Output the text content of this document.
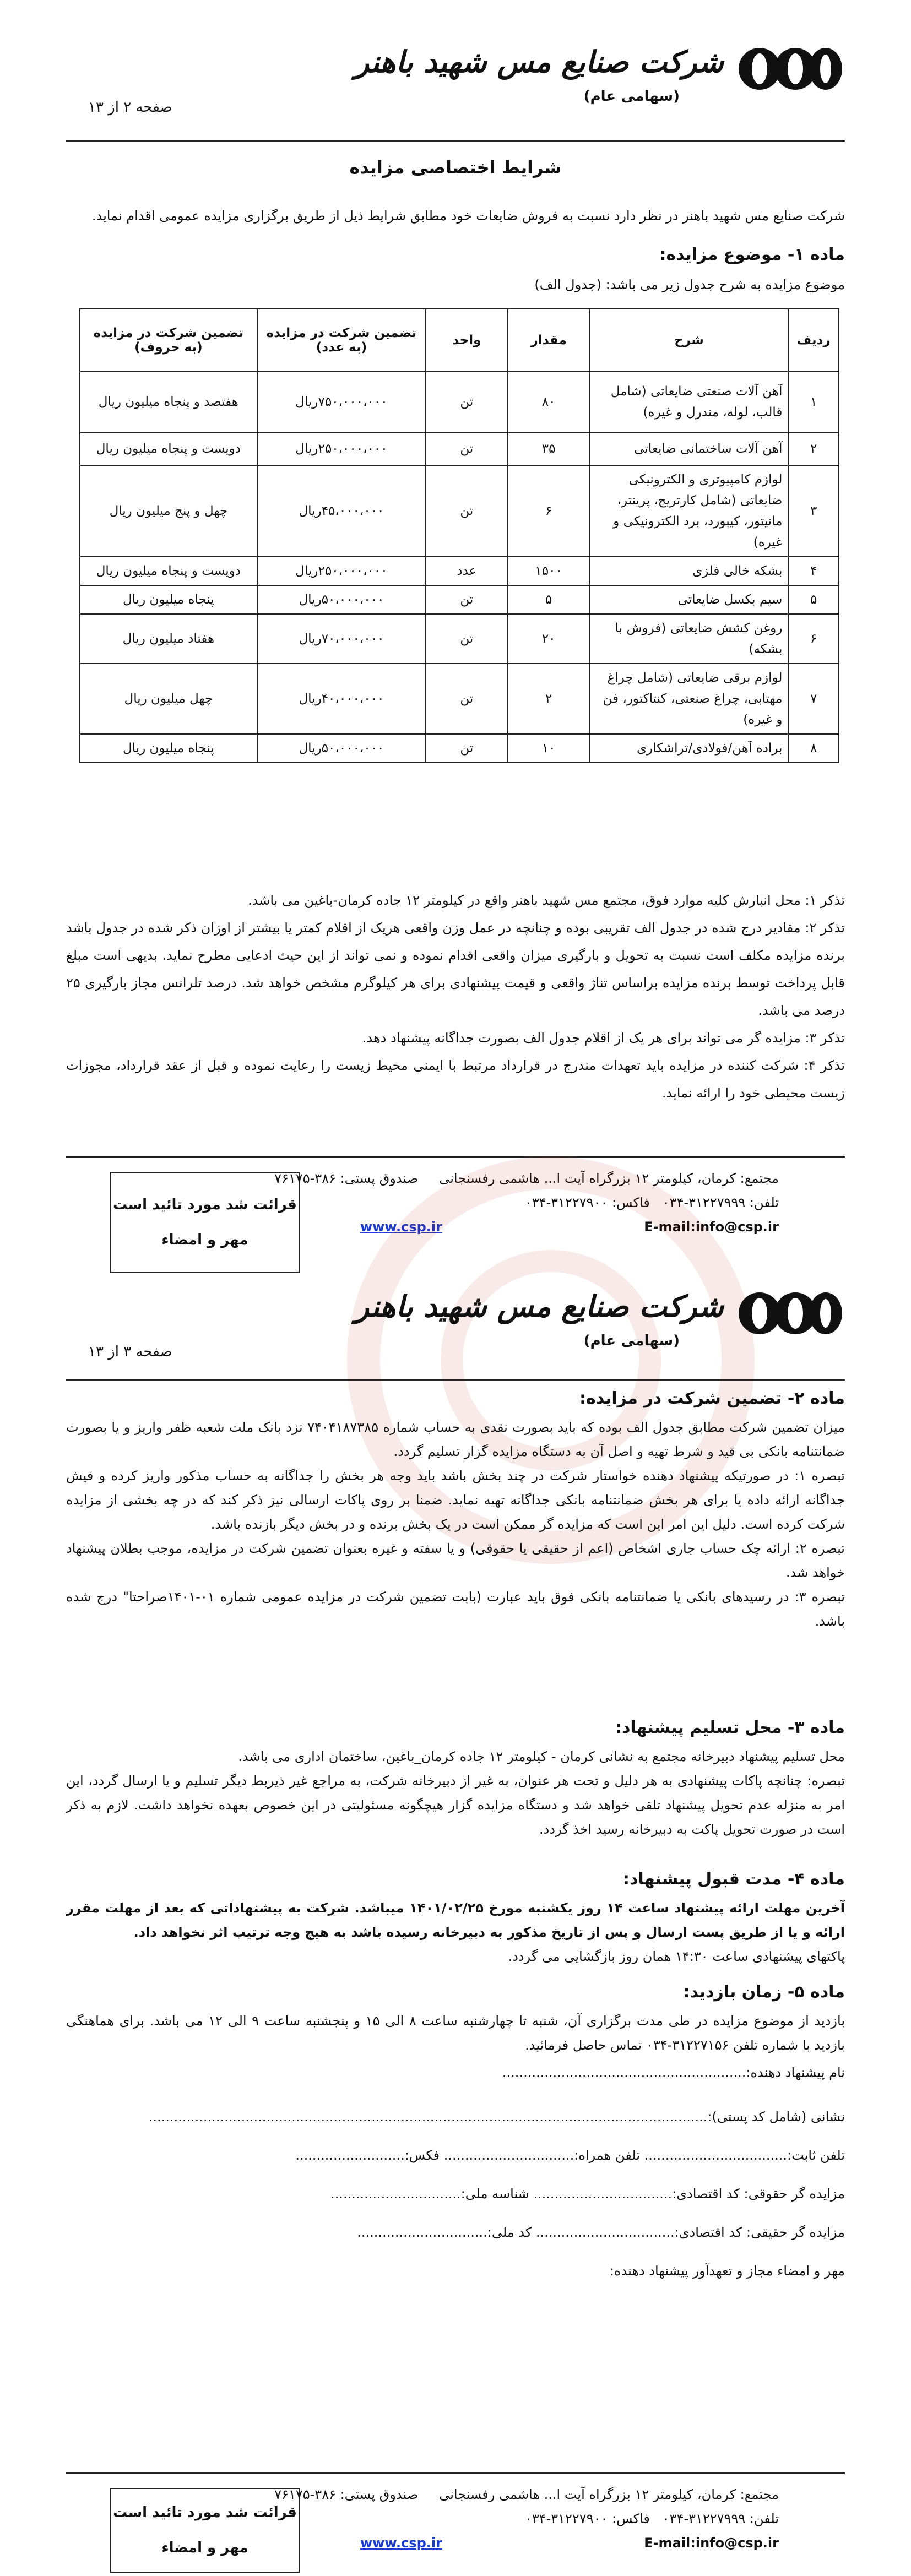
شرکت صنایع مس شهید باهنر
(سهامی عام)
صفحه ۲ از ۱۳
شرایط اختصاصی مزایده
شرکت صنایع مس شهید باهنر در نظر دارد نسبت به فروش ضایعات خود مطابق شرایط ذیل از طریق برگزاری مزایده عمومی اقدام نماید.
ماده ۱- موضوع مزایده:
موضوع مزایده به شرح جدول زیر می باشد: (جدول الف)
ردیف	شرح	مقدار	واحد	تضمین شرکت در مزایده (به عدد)	تضمین شرکت در مزایده (به حروف)
۱	آهن آلات صنعتی ضایعاتی (شامل قالب، لوله، مندرل و غیره)	۸۰	تن	۷۵۰،۰۰۰،۰۰۰ریال	هفتصد و پنجاه میلیون ریال
۲	آهن آلات ساختمانی ضایعاتی	۳۵	تن	۲۵۰،۰۰۰،۰۰۰ریال	دویست و پنجاه میلیون ریال
۳	لوازم کامپیوتری و الکترونیکی ضایعاتی (شامل کارتریج، پرینتر، مانیتور، کیبورد، برد الکترونیکی و غیره)	۶	تن	۴۵،۰۰۰،۰۰۰ریال	چهل و پنج میلیون ریال
۴	بشکه خالی فلزی	۱۵۰۰	عدد	۲۵۰،۰۰۰،۰۰۰ریال	دویست و پنجاه میلیون ریال
۵	سیم بکسل ضایعاتی	۵	تن	۵۰،۰۰۰،۰۰۰ریال	پنجاه میلیون ریال
۶	روغن کشش ضایعاتی (فروش با بشکه)	۲۰	تن	۷۰،۰۰۰،۰۰۰ریال	هفتاد میلیون ریال
۷	لوازم برقی ضایعاتی (شامل چراغ مهتابی، چراغ صنعتی، کنتاکتور، فن و غیره)	۲	تن	۴۰،۰۰۰،۰۰۰ریال	چهل میلیون ریال
۸	براده آهن/فولادی/تراشکاری	۱۰	تن	۵۰،۰۰۰،۰۰۰ریال	پنجاه میلیون ریال
تذکر ۱: محل انبارش کلیه موارد فوق، مجتمع مس شهید باهنر واقع در کیلومتر ۱۲ جاده کرمان-باغین می باشد.
تذکر ۲: مقادیر درج شده در جدول الف تقریبی بوده و چنانچه در عمل وزن واقعی هریک از اقلام کمتر یا بیشتر از اوزان ذکر شده در جدول باشد برنده مزایده مکلف است نسبت به تحویل و بارگیری میزان واقعی اقدام نموده و نمی تواند از این حیث ادعایی مطرح نماید. بدیهی است مبلغ قابل پرداخت توسط برنده مزایده براساس تناژ واقعی و قیمت پیشنهادی برای هر کیلوگرم مشخص خواهد شد. درصد تلرانس مجاز بارگیری ۲۵ درصد می باشد.
تذکر ۳: مزایده گر می تواند برای هر یک از اقلام جدول الف بصورت جداگانه پیشنهاد دهد.
تذکر ۴: شرکت کننده در مزایده باید تعهدات مندرج در قرارداد مرتبط با ایمنی محیط زیست را رعایت نموده و قبل از عقد قرارداد، مجوزات زیست محیطی خود را ارائه نماید.
قرائت شد مورد تائید است
مهر و امضاء
مجتمع: کرمان، کیلومتر ۱۲ بزرگراه آیت ا... هاشمی رفسنجانی     صندوق پستی: ۳۸۶-۷۶۱۷۵
تلفن: ۳۱۲۲۷۹۹۹-۰۳۴   فاکس: ۳۱۲۲۷۹۰۰-۰۳۴
E-mail:info@csp.ir
www.csp.ir
شرکت صنایع مس شهید باهنر
(سهامی عام)
صفحه ۳ از ۱۳
ماده ۲- تضمین شرکت در مزایده:
میزان تضمین شرکت مطابق جدول الف بوده که باید بصورت نقدی به حساب شماره ۷۴۰۴۱۸۷۳۸۵ نزد بانک ملت شعبه ظفر واریز و یا بصورت ضمانتنامه بانکی بی قید و شرط تهیه و اصل آن به دستگاه مزایده گزار تسلیم گردد.
تبصره ۱: در صورتیکه پیشنهاد دهنده خواستار شرکت در چند بخش باشد باید وجه هر بخش را جداگانه به حساب مذکور واریز کرده و فیش جداگانه ارائه داده یا برای هر بخش ضمانتنامه بانکی جداگانه تهیه نماید. ضمنا بر روی پاکات ارسالی نیز ذکر کند که در چه بخشی از مزایده شرکت کرده است. دلیل این امر این است که مزایده گر ممکن است در یک بخش برنده و در بخش دیگر بازنده باشد.
تبصره ۲: ارائه چک حساب جاری اشخاص (اعم از حقیقی یا حقوقی) و یا سفته و غیره بعنوان تضمین شرکت در مزایده، موجب بطلان پیشنهاد خواهد شد.
تبصره ۳: در رسیدهای بانکی یا ضمانتنامه بانکی فوق باید عبارت (بابت تضمین شرکت در مزایده عمومی شماره ۰۱-۱۴۰۱صراحتا" درج شده باشد.
ماده ۳- محل تسلیم پیشنهاد:
محل تسلیم پیشنهاد دبیرخانه مجتمع به نشانی کرمان - کیلومتر ۱۲ جاده کرمان_باغین، ساختمان اداری می باشد.
تبصره: چنانچه پاکات پیشنهادی به هر دلیل و تحت هر عنوان، به غیر از دبیرخانه شرکت، به مراجع غیر ذیربط دیگر تسلیم و یا ارسال گردد، این امر به منزله عدم تحویل پیشنهاد تلقی خواهد شد و دستگاه مزایده گزار هیچگونه مسئولیتی در این خصوص بعهده نخواهد داشت. لازم به ذکر است در صورت تحویل پاکت به دبیرخانه رسید اخذ گردد.
ماده ۴- مدت قبول پیشنهاد:
آخرین مهلت ارائه پیشنهاد ساعت ۱۴ روز یکشنبه مورخ ۱۴۰۱/۰۲/۲۵ میباشد. شرکت به پیشنهاداتی که بعد از مهلت مقرر ارائه و یا از طریق پست ارسال و پس از تاریخ مذکور به دبیرخانه رسیده باشد به هیچ وجه ترتیب اثر نخواهد داد.
پاکتهای پیشنهادی ساعت ۱۴:۳۰ همان روز بازگشایی می گردد.
ماده ۵- زمان بازدید:
بازدید از موضوع مزایده در طی مدت برگزاری آن، شنبه تا چهارشنبه ساعت ۸ الی ۱۵ و پنجشنبه ساعت ۹ الی ۱۲ می باشد. برای هماهنگی بازدید با شماره تلفن ۳۱۲۲۷۱۵۶-۰۳۴ تماس حاصل فرمائید.
نام پیشنهاد دهنده:..........................................................
نشانی (شامل کد پستی):.....................................................................................................................................
تلفن ثابت:.................................. تلفن همراه:............................... فکس:..........................
مزایده گر حقوقی: کد اقتصادی:................................. شناسه ملی:...............................
مزایده گر حقیقی: کد اقتصادی:................................. کد ملی:...............................
مهر و امضاء مجاز و تعهدآور پیشنهاد دهنده:
قرائت شد مورد تائید است
مهر و امضاء
مجتمع: کرمان، کیلومتر ۱۲ بزرگراه آیت ا... هاشمی رفسنجانی     صندوق پستی: ۳۸۶-۷۶۱۷۵
تلفن: ۳۱۲۲۷۹۹۹-۰۳۴   فاکس: ۳۱۲۲۷۹۰۰-۰۳۴
E-mail:info@csp.ir
www.csp.ir
